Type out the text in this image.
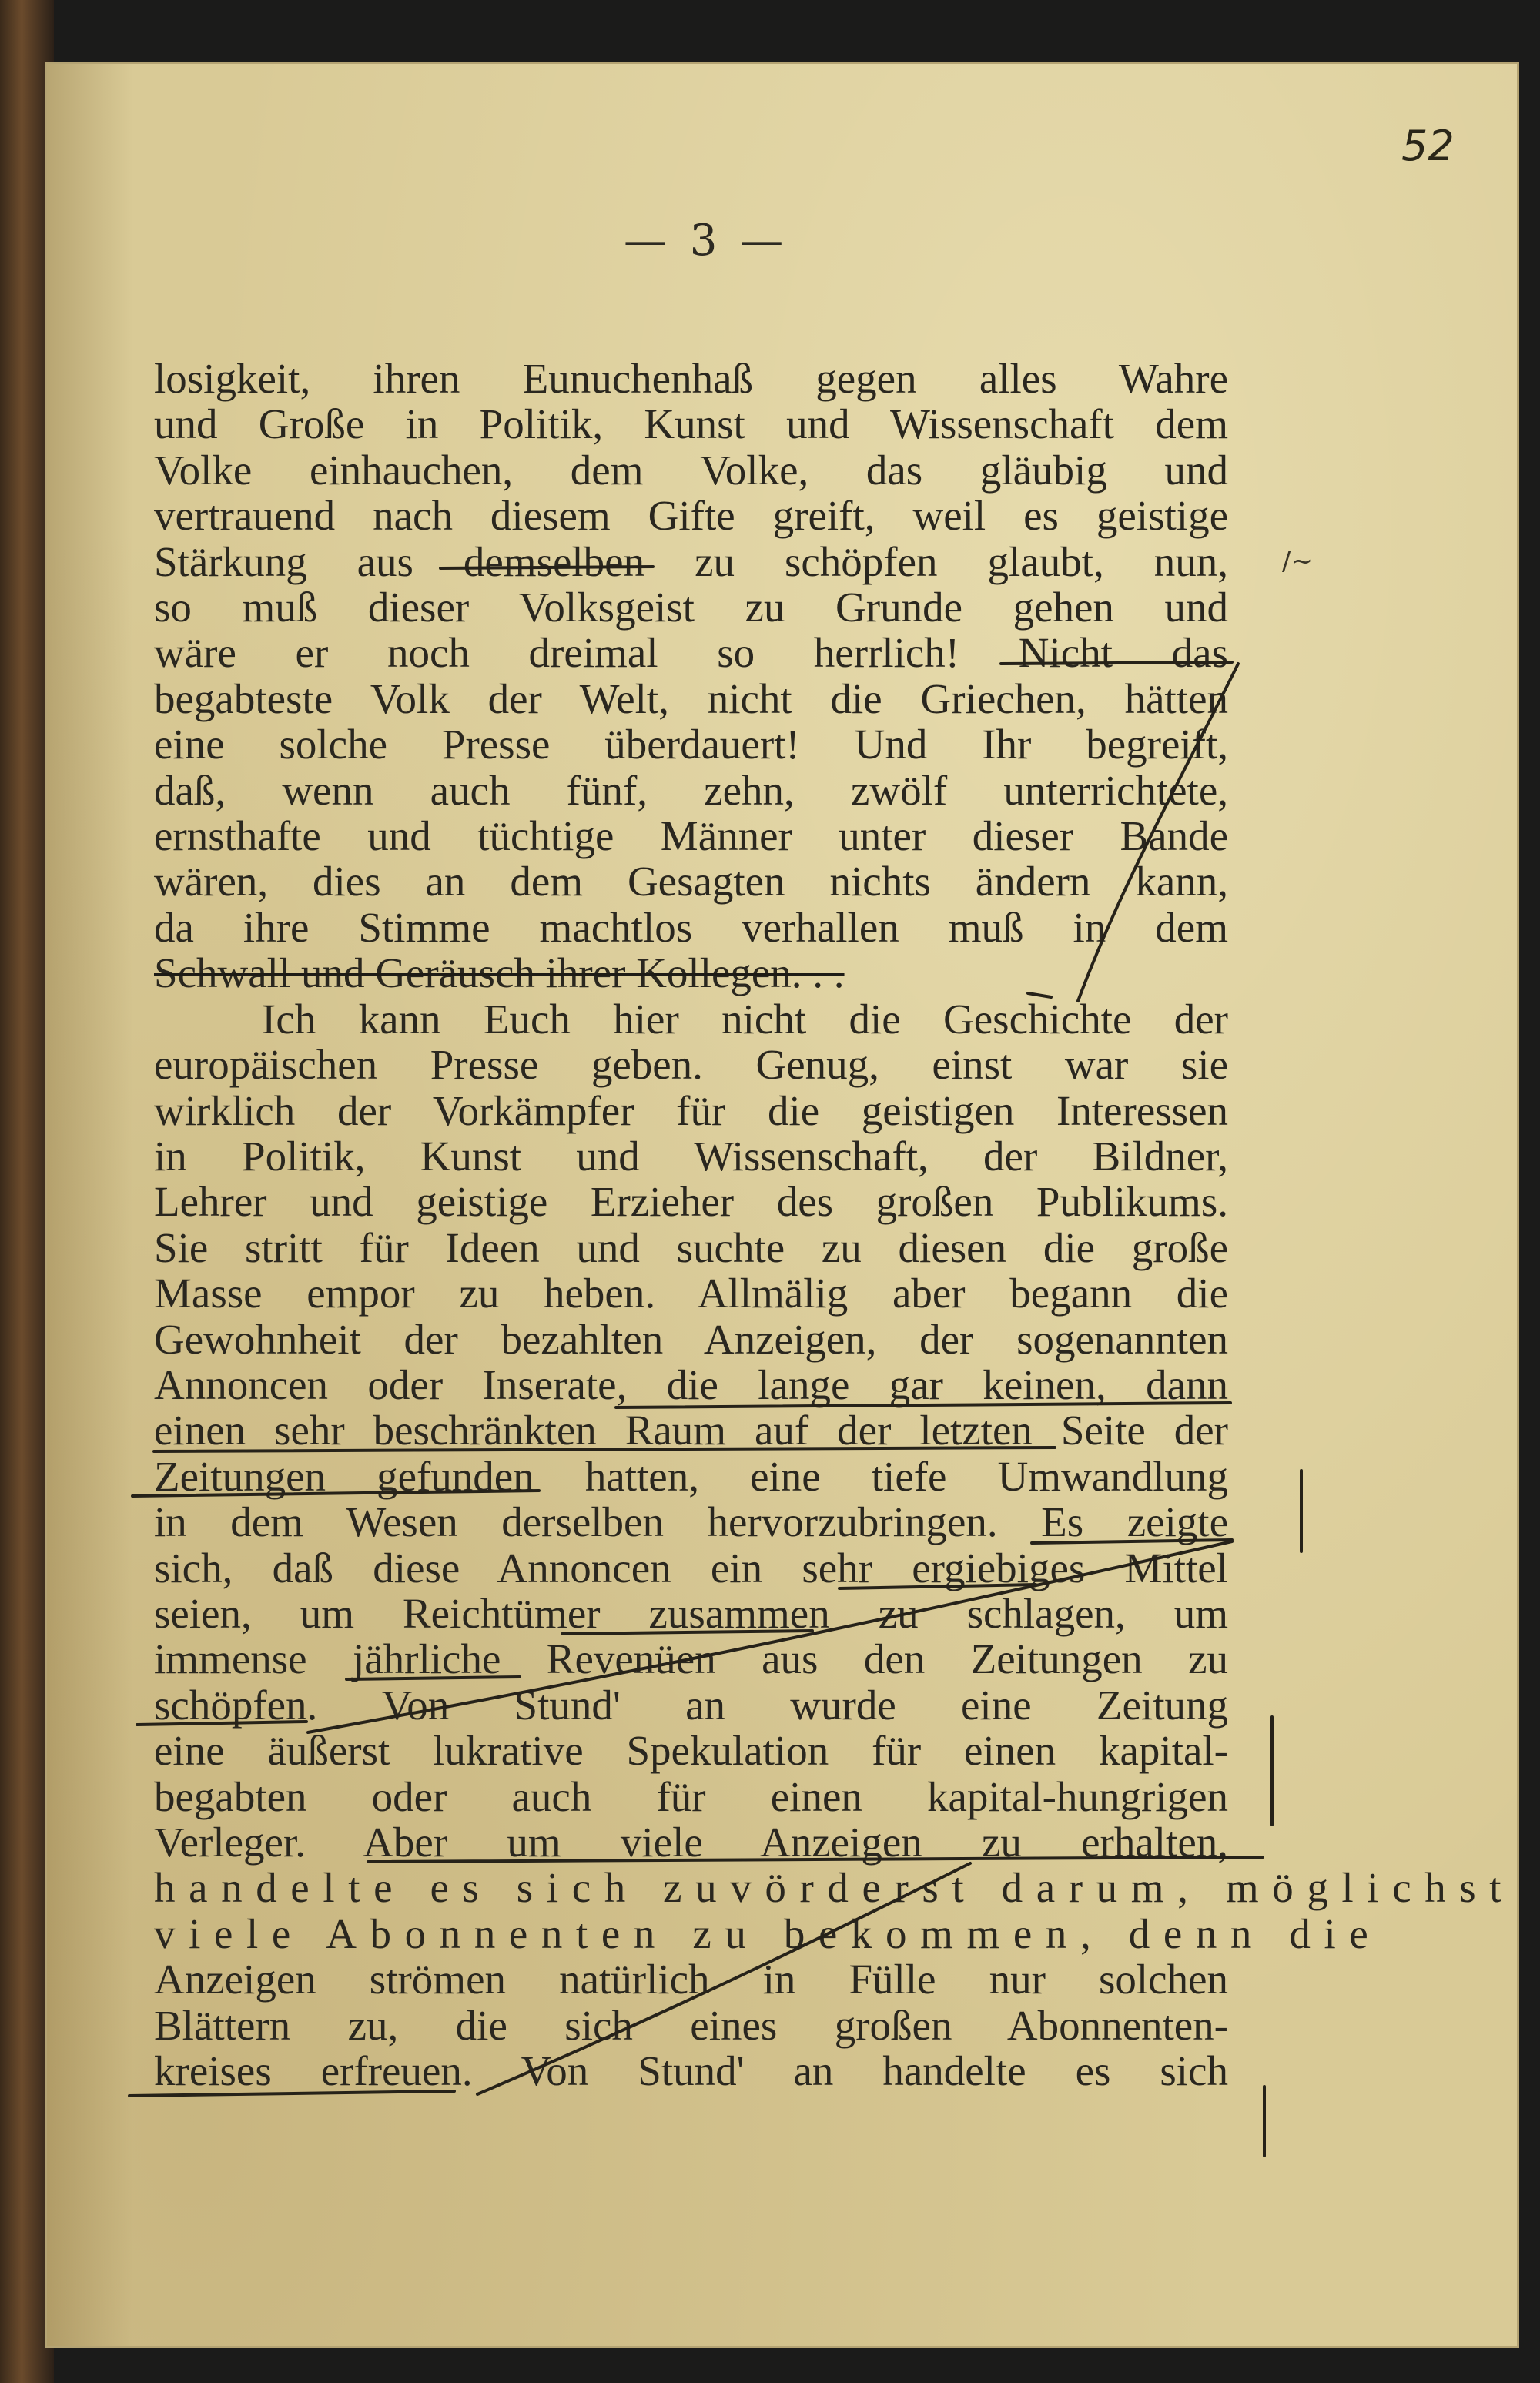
52
— 3 —
losigkeit, ihren Eunuchenhaß gegen alles Wahre
und Große in Politik, Kunst und Wissenschaft dem
Volke einhauchen, dem Volke, das gläubig und
vertrauend nach diesem Gifte greift, weil es geistige
Stärkung aus demselben zu schöpfen glaubt, nun,
so muß dieser Volksgeist zu Grunde gehen und
wäre er noch dreimal so herrlich! Nicht das
begabteste Volk der Welt, nicht die Griechen, hätten
eine solche Presse überdauert! Und Ihr begreift,
daß, wenn auch fünf, zehn, zwölf unterrichtete,
ernsthafte und tüchtige Männer unter dieser Bande
wären, dies an dem Gesagten nichts ändern kann,
da ihre Stimme machtlos verhallen muß in dem
Schwall und Geräusch ihrer Kollegen. . .
Ich kann Euch hier nicht die Geschichte der
europäischen Presse geben. Genug, einst war sie
wirklich der Vorkämpfer für die geistigen Interessen
in Politik, Kunst und Wissenschaft, der Bildner,
Lehrer und geistige Erzieher des großen Publikums.
Sie stritt für Ideen und suchte zu diesen die große
Masse empor zu heben. Allmälig aber begann die
Gewohnheit der bezahlten Anzeigen, der sogenannten
Annoncen oder Inserate, die lange gar keinen, dann
einen sehr beschränkten Raum auf der letzten Seite der
Zeitungen gefunden hatten, eine tiefe Umwandlung
in dem Wesen derselben hervorzubringen. Es zeigte
sich, daß diese Annoncen ein sehr ergiebiges Mittel
seien, um Reichtümer zusammen zu schlagen, um
immense jährliche Revenüen aus den Zeitungen zu
schöpfen. Von Stund' an wurde eine Zeitung
eine äußerst lukrative Spekulation für einen kapital-
begabten oder auch für einen kapital-hungrigen
Verleger. Aber um viele Anzeigen zu erhalten,
handelte es sich zuvörderst darum, möglichst
viele Abonnenten zu bekommen, denn die
Anzeigen strömen natürlich in Fülle nur solchen
Blättern zu, die sich eines großen Abonnenten-
kreises erfreuen. Von Stund' an handelte es sich
/~
